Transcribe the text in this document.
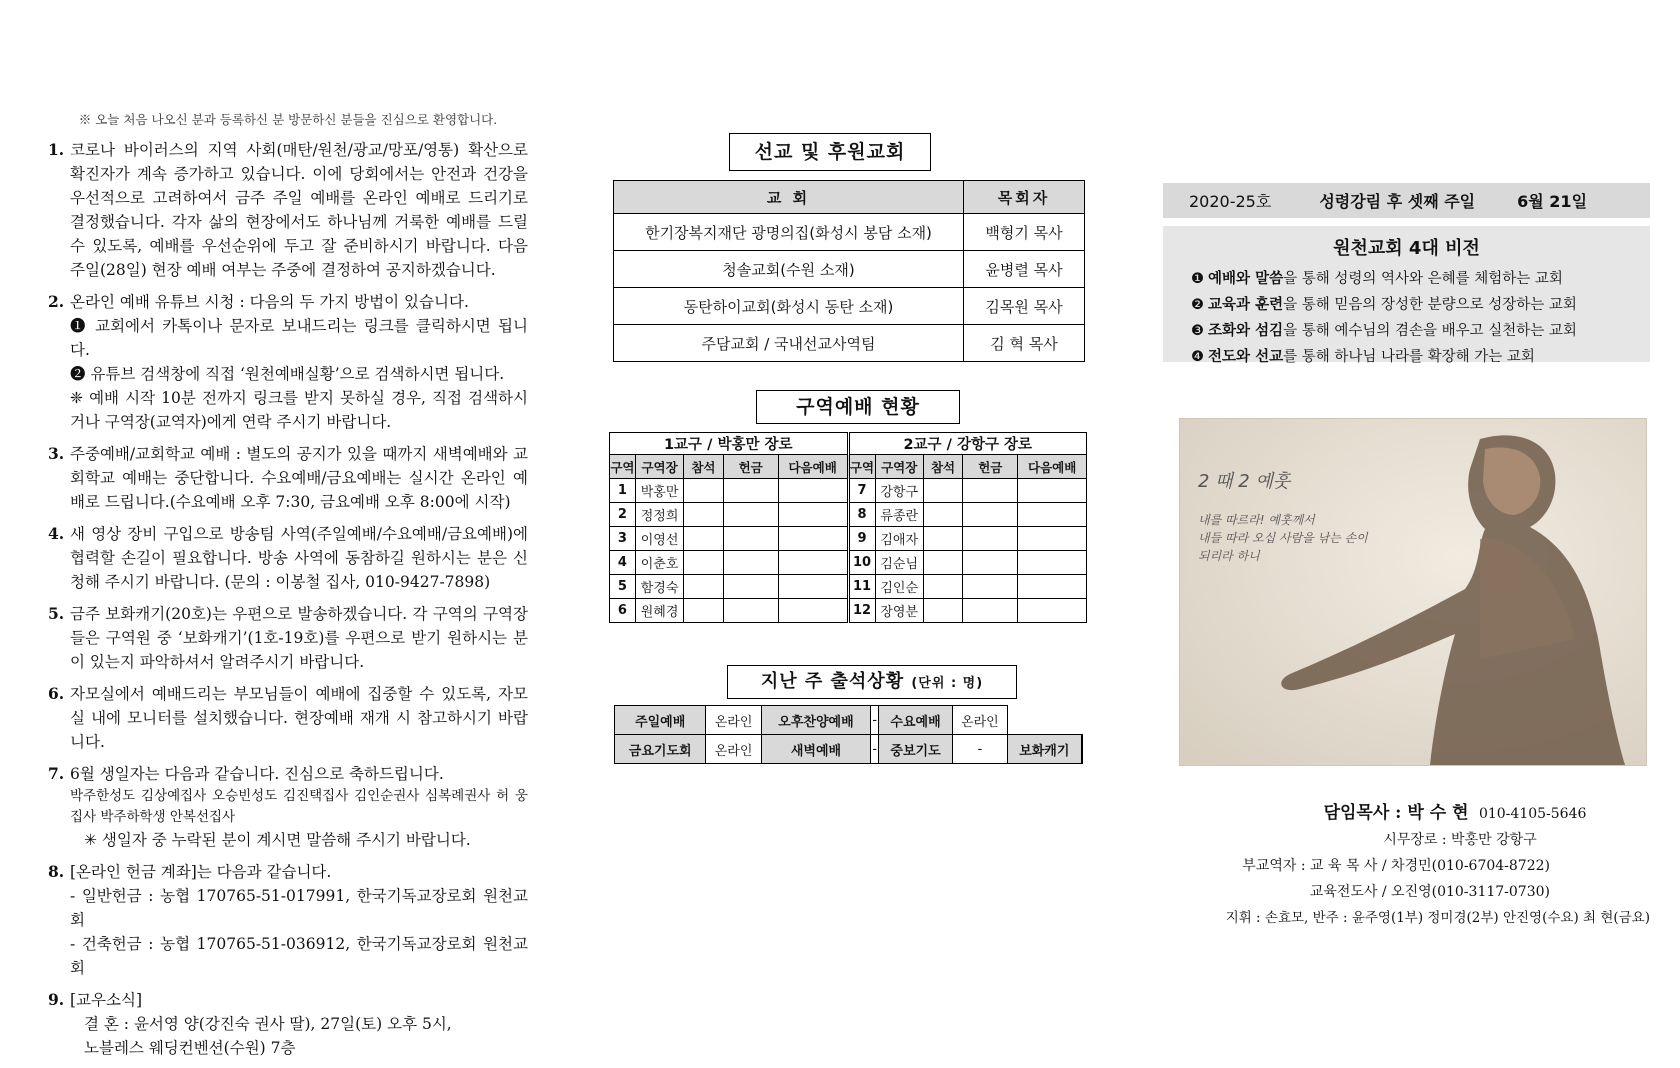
※ 오늘 처음 나오신 분과 등록하신 분 방문하신 분들을 진심으로 환영합니다.
1. 코로나 바이러스의 지역 사회(매탄/원천/광교/망포/영통) 확산으로 확진자가 계속 증가하고 있습니다. 이에 당회에서는 안전과 건강을 우선적으로 고려하여서 금주 주일 예배를 온라인 예배로 드리기로 결정했습니다. 각자 삶의 현장에서도 하나님께 거룩한 예배를 드릴 수 있도록, 예배를 우선순위에 두고 잘 준비하시기 바랍니다. 다음 주일(28일) 현장 예배 여부는 주중에 결정하여 공지하겠습니다.
2. 온라인 예배 유튜브 시청 : 다음의 두 가지 방법이 있습니다.
❶ 교회에서 카톡이나 문자로 보내드리는 링크를 클릭하시면 됩니다.
❷ 유튜브 검색창에 직접 ‘원천예배실황’으로 검색하시면 됩니다.
❈ 예배 시작 10분 전까지 링크를 받지 못하실 경우, 직접 검색하시거나 구역장(교역자)에게 연락 주시기 바랍니다.
3. 주중예배/교회학교 예배 : 별도의 공지가 있을 때까지 새벽예배와 교회학교 예배는 중단합니다. 수요예배/금요예배는 실시간 온라인 예배로 드립니다.(수요예배 오후 7:30, 금요예배 오후 8:00에 시작)
4. 새 영상 장비 구입으로 방송팀 사역(주일예배/수요예배/금요예배)에 협력할 손길이 필요합니다. 방송 사역에 동참하길 원하시는 분은 신청해 주시기 바랍니다. (문의 : 이봉철 집사, 010-9427-7898)
5. 금주 보화캐기(20호)는 우편으로 발송하겠습니다. 각 구역의 구역장들은 구역원 중 ‘보화캐기’(1호-19호)를 우편으로 받기 원하시는 분이 있는지 파악하셔서 알려주시기 바랍니다.
6. 자모실에서 예배드리는 부모님들이 예배에 집중할 수 있도록, 자모실 내에 모니터를 설치했습니다. 현장예배 재개 시 참고하시기 바랍니다.
7. 6월 생일자는 다음과 같습니다. 진심으로 축하드립니다.
박주한성도 김상예집사 오승빈성도 김진택집사 김인순권사 심복례권사 허 웅집사 박주하학생 안복선집사
✳ 생일자 중 누락된 분이 계시면 말씀해 주시기 바랍니다.
8. [온라인 헌금 계좌]는 다음과 같습니다.
- 일반헌금 : 농협 170765-51-017991, 한국기독교장로회 원천교회
- 건축헌금 : 농협 170765-51-036912, 한국기독교장로회 원천교회
9. [교우소식]
결 혼 : 윤서영 양(강진숙 권사 딸), 27일(토) 오후 5시,
노블레스 웨딩컨벤션(수원) 7층
선교 및 후원교회
교 회	목회자
한기장복지재단 광명의집(화성시 봉담 소재)	백형기 목사
청솔교회(수원 소재)	윤병렬 목사
동탄하이교회(화성시 동탄 소재)	김목원 목사
주담교회 / 국내선교사역팀	김 혁 목사
구역예배 현황
1교구 / 박홍만 장로					2교구 / 강항구 장로				
구역	구역장	참석	헌금	다음예배	구역	구역장	참석	헌금	다음예배
1	박홍만				7	강항구			
2	정정희				8	류종란			
3	이영선				9	김애자			
4	이춘호				10	김순님			
5	함경숙				11	김인순			
6	원혜경				12	장영분			
지난 주 출석상황 (단위 : 명)
주일예배	온라인	오후찬양예배	-	수요예배	온라인		
금요기도회	온라인	새벽예배	-	중보기도	-	보화캐기	
2020-25호	성령강림 후 셋째 주일	6월 21일
원천교회 4대 비전
❶ 예배와 말씀을 통해 성령의 역사와 은혜를 체험하는 교회
❷ 교육과 훈련을 통해 믿음의 장성한 분량으로 성장하는 교회
❸ 조화와 섬김을 통해 예수님의 겸손을 배우고 실천하는 교회
❹ 전도와 선교를 통해 하나님 나라를 확장해 가는 교회
2 때 2 예훗
내를 따르라! 예훗께서
내들 따라 오십 사람을 낚는 손이
되리라 하니
담임목사 : 박 수 현 010-4105-5646
시무장로 : 박홍만 강항구
부교역자 : 교 육 목 사 / 차경민(010-6704-8722)
교육전도사 / 오진영(010-3117-0730)
지휘 : 손효모, 반주 : 윤주영(1부) 정미경(2부) 안진영(수요) 최 현(금요)
